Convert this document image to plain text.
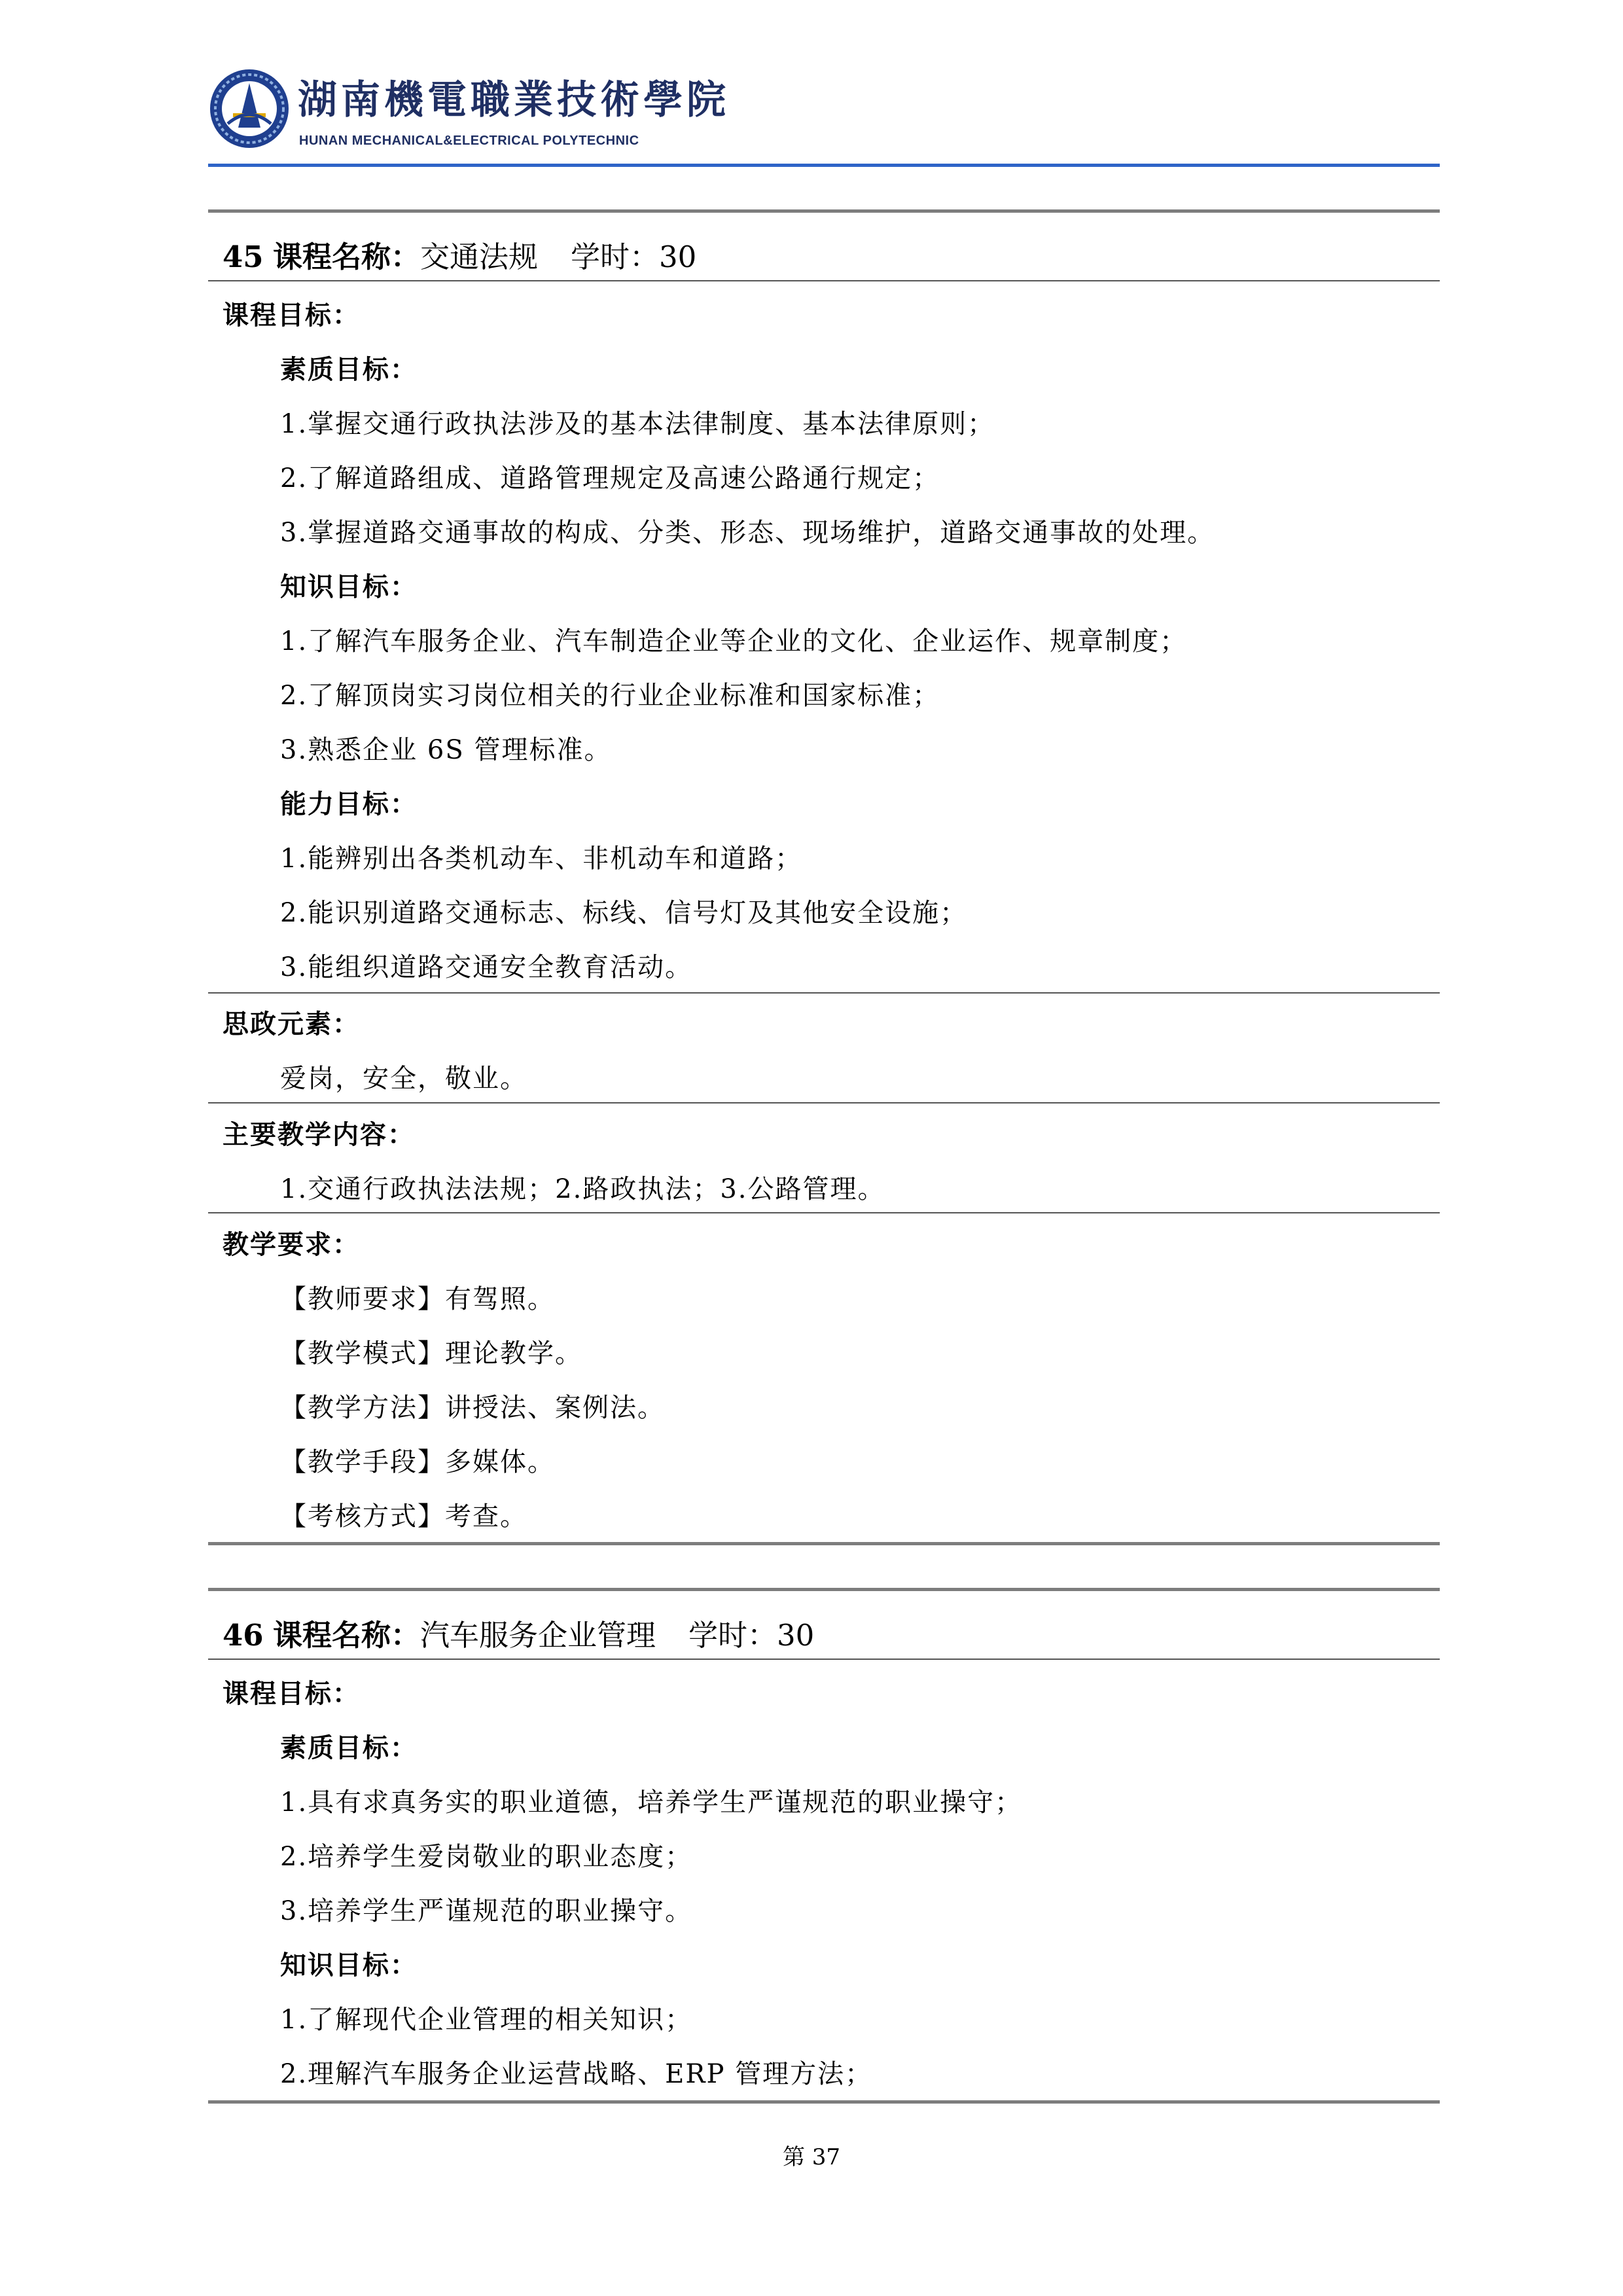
湖南機電職業技術學院
HUNAN MECHANICAL&ELECTRICAL POLYTECHNIC
45 课程名称：交通法规 学时：30
课程目标：
素质目标：
1.掌握交通行政执法涉及的基本法律制度、基本法律原则；
2.了解道路组成、道路管理规定及高速公路通行规定；
3.掌握道路交通事故的构成、分类、形态、现场维护，道路交通事故的处理。
知识目标：
1.了解汽车服务企业、汽车制造企业等企业的文化、企业运作、规章制度；
2.了解顶岗实习岗位相关的行业企业标准和国家标准；
3.熟悉企业 6S 管理标准。
能力目标：
1.能辨别出各类机动车、非机动车和道路；
2.能识别道路交通标志、标线、信号灯及其他安全设施；
3.能组织道路交通安全教育活动。
思政元素：
爱岗，安全，敬业。
主要教学内容：
1.交通行政执法法规；2.路政执法；3.公路管理。
教学要求：
【教师要求】有驾照。
【教学模式】理论教学。
【教学方法】讲授法、案例法。
【教学手段】多媒体。
【考核方式】考查。
46 课程名称：汽车服务企业管理 学时：30
课程目标：
素质目标：
1.具有求真务实的职业道德，培养学生严谨规范的职业操守；
2.培养学生爱岗敬业的职业态度；
3.培养学生严谨规范的职业操守。
知识目标：
1.了解现代企业管理的相关知识；
2.理解汽车服务企业运营战略、ERP 管理方法；
第 37
